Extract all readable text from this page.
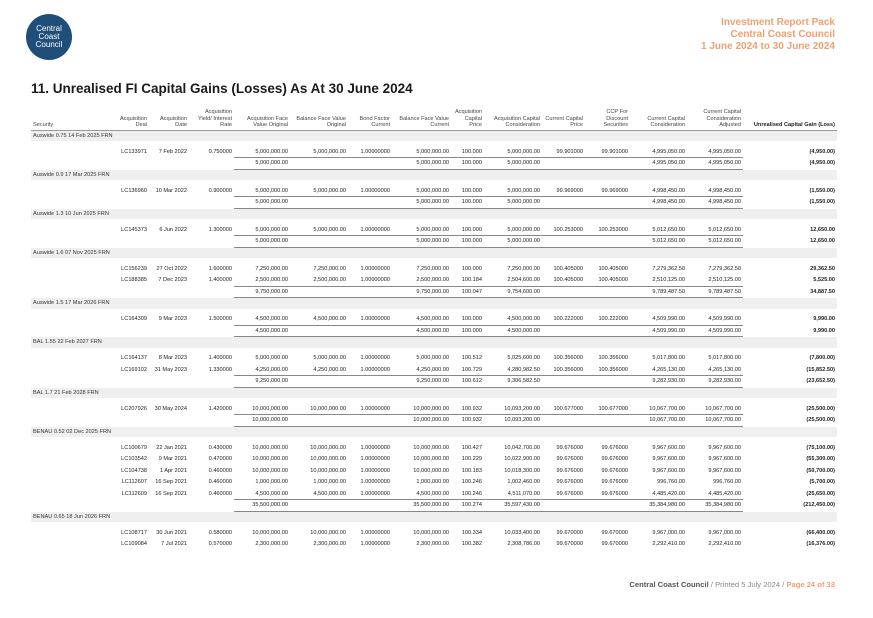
Central
Coast
Council
Investment Report Pack
Central Coast Council
1 June 2024 to 30 June 2024
11. Unrealised FI Capital Gains (Losses) As At 30 June 2024
Security	Acquisition Deal	Acquisition Date	Acquisition Yield/ Interest Rate	Acquisition Face Value Original	Balance Face Value Original	Bond Factor Current	Balance Face Value Current	Acquisition Capital Price	Acquisition Capital Consideration	Current Capital Price	CCP For Discount Securities	Current Capital Consideration	Current Capital Consideration Adjusted	Unrealised Capital Gain (Loss)
Auswide 0.75 14 Feb 2025 FRN														

	LC133971	7 Feb 2022	0.750000	5,000,000.00	5,000,000.00	1.00000000	5,000,000.00	100.000	5,000,000.00	99.901000	99.901000	4,995,050.00	4,995,050.00	(4,950.00)
				5,000,000.00			5,000,000.00	100.000	5,000,000.00			4,995,050.00	4,995,050.00	(4,950.00)
Auswide 0.9 17 Mar 2025 FRN														

	LC136960	10 Mar 2022	0.900000	5,000,000.00	5,000,000.00	1.00000000	5,000,000.00	100.000	5,000,000.00	99.969000	99.969000	4,998,450.00	4,998,450.00	(1,550.00)
				5,000,000.00			5,000,000.00	100.000	5,000,000.00			4,998,450.00	4,998,450.00	(1,550.00)
Auswide 1.3 10 Jun 2025 FRN														

	LC145373	6 Jun 2022	1.300000	5,000,000.00	5,000,000.00	1.00000000	5,000,000.00	100.000	5,000,000.00	100.253000	100.253000	5,012,650.00	5,012,650.00	12,650.00
				5,000,000.00			5,000,000.00	100.000	5,000,000.00			5,012,650.00	5,012,650.00	12,650.00
Auswide 1.6 07 Nov 2025 FRN														

	LC156239	27 Oct 2022	1.600000	7,250,000.00	7,250,000.00	1.00000000	7,250,000.00	100.000	7,250,000.00	100.405000	100.405000	7,279,362.50	7,279,362.50	29,362.50
	LC188385	7 Dec 2023	1.400000	2,500,000.00	2,500,000.00	1.00000000	2,500,000.00	100.184	2,504,600.00	100.405000	100.405000	2,510,125.00	2,510,125.00	5,525.00
				9,750,000.00			9,750,000.00	100.047	9,754,600.00			9,789,487.50	9,789,487.50	34,887.50
Auswide 1.5 17 Mar 2026 FRN														

	LC164309	9 Mar 2023	1.500000	4,500,000.00	4,500,000.00	1.00000000	4,500,000.00	100.000	4,500,000.00	100.222000	100.222000	4,509,990.00	4,509,990.00	9,990.00
				4,500,000.00			4,500,000.00	100.000	4,500,000.00			4,509,990.00	4,509,990.00	9,990.00
BAL 1.55 22 Feb 2027 FRN														

	LC164137	8 Mar 2023	1.400000	5,000,000.00	5,000,000.00	1.00000000	5,000,000.00	100.512	5,025,600.00	100.356000	100.356000	5,017,800.00	5,017,800.00	(7,800.00)
	LC169102	31 May 2023	1.330000	4,250,000.00	4,250,000.00	1.00000000	4,250,000.00	100.729	4,280,982.50	100.356000	100.356000	4,265,130.00	4,265,130.00	(15,852.50)
				9,250,000.00			9,250,000.00	100.612	9,306,582.50			9,282,930.00	9,282,930.00	(23,652.50)
BAL 1.7 21 Feb 2028 FRN														

	LC207926	30 May 2024	1.420000	10,000,000.00	10,000,000.00	1.00000000	10,000,000.00	100.932	10,093,200.00	100.677000	100.677000	10,067,700.00	10,067,700.00	(25,500.00)
				10,000,000.00			10,000,000.00	100.932	10,093,200.00			10,067,700.00	10,067,700.00	(25,500.00)
BENAU 0.52 02 Dec 2025 FRN														

	LC100679	22 Jan 2021	0.430000	10,000,000.00	10,000,000.00	1.00000000	10,000,000.00	100.427	10,042,700.00	99.676000	99.676000	9,967,600.00	9,967,600.00	(75,100.00)
	LC103542	9 Mar 2021	0.470000	10,000,000.00	10,000,000.00	1.00000000	10,000,000.00	100.229	10,022,900.00	99.676000	99.676000	9,967,600.00	9,967,600.00	(55,300.00)
	LC104738	1 Apr 2021	0.460000	10,000,000.00	10,000,000.00	1.00000000	10,000,000.00	100.183	10,018,300.00	99.676000	99.676000	9,967,600.00	9,967,600.00	(50,700.00)
	LC112607	16 Sep 2021	0.460000	1,000,000.00	1,000,000.00	1.00000000	1,000,000.00	100.246	1,002,460.00	99.676000	99.676000	996,760.00	996,760.00	(5,700.00)
	LC112609	16 Sep 2021	0.460000	4,500,000.00	4,500,000.00	1.00000000	4,500,000.00	100.246	4,511,070.00	99.676000	99.676000	4,485,420.00	4,485,420.00	(25,650.00)
				35,500,000.00			35,500,000.00	100.274	35,597,430.00			35,384,980.00	35,384,980.00	(212,450.00)
BENAU 0.65 18 Jun 2026 FRN														

	LC108717	30 Jun 2021	0.580000	10,000,000.00	10,000,000.00	1.00000000	10,000,000.00	100.334	10,033,400.00	99.670000	99.670000	9,967,000.00	9,967,000.00	(66,400.00)
	LC109084	7 Jul 2021	0.570000	2,300,000.00	2,300,000.00	1.00000000	2,300,000.00	100.382	2,308,786.00	99.670000	99.670000	2,292,410.00	2,292,410.00	(16,376.00)
Central Coast Council / Printed 5 July 2024 / Page 24 of 33
